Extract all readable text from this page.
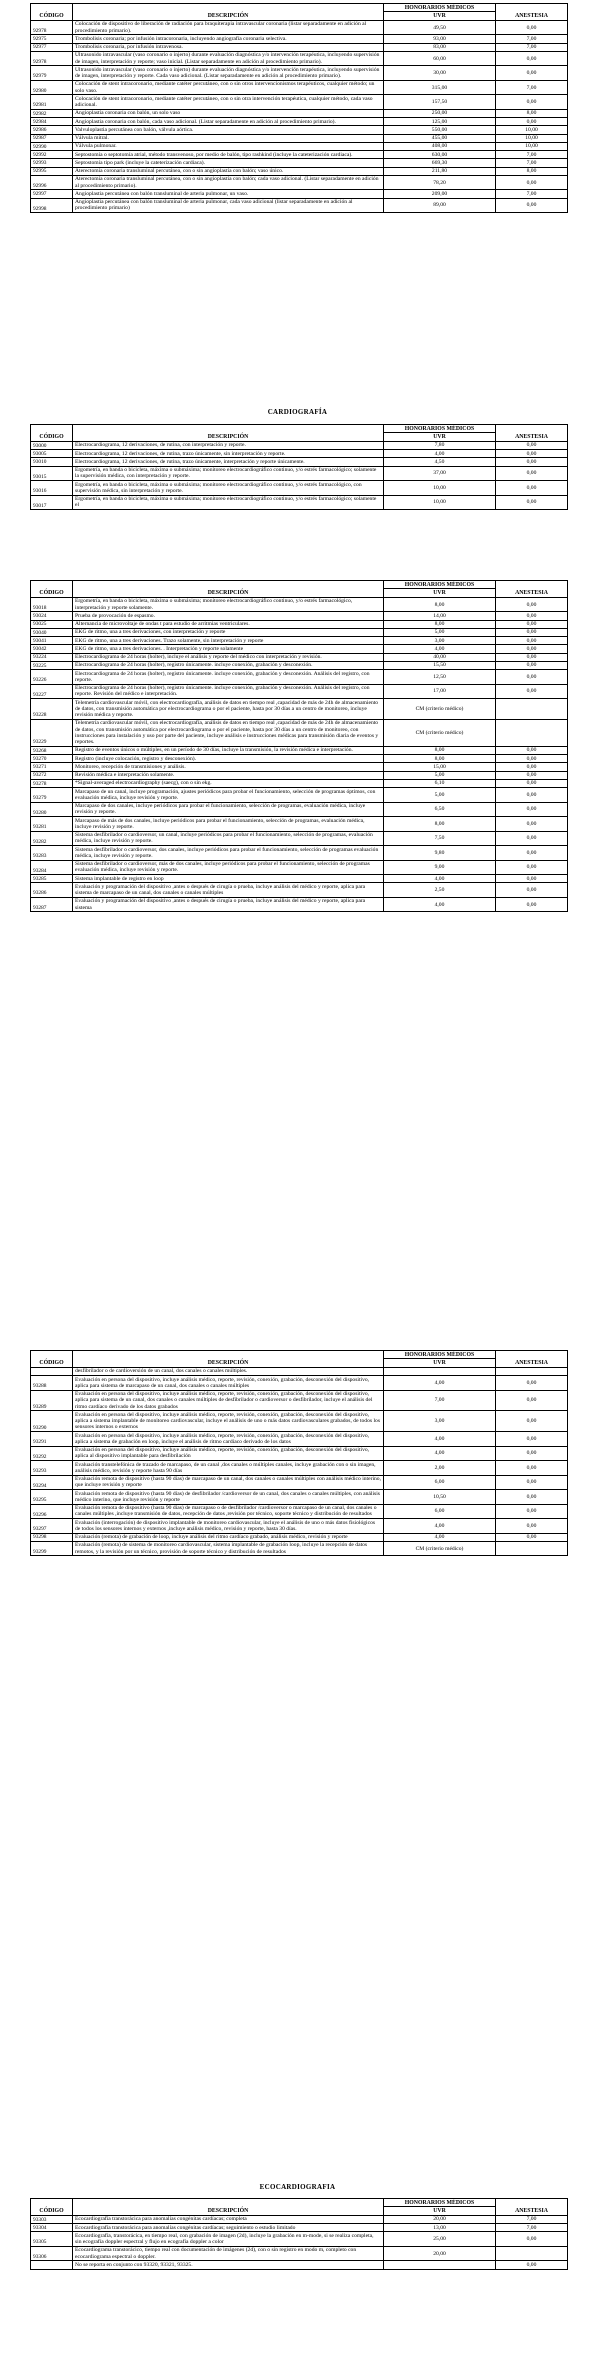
CÓDIGO	DESCRIPCIÓN	HONORARIOS MÉDICOS	ANESTESIA
		UVR	
92978	Colocación de dispositivo de liberación de radiación para braquiterapia intravascular coronaria (listar separadamente en adición al procedimiento primario).	49,50	0,00
92975	Trombolisis coronaria; por infusión intracoronaria, incluyendo angiografía coronaria selectiva.	93,00	7,00
92977	Trombolisis coronaria, por infusión intravenosa.	83,00	7,00
92978	Ultrasonido intravascular (vaso coronario o injerto) durante evaluación diagnóstica y/o intervención terapéutica, incluyendo supervisión de imagen, interpretación y reporte; vaso inicial. (Listar separadamente en adición al procedimiento primario).	60,00	0,00
92979	Ultrasonido intravascular (vaso coronario o injerto) durante evaluación diagnóstica y/o intervención terapéutica, incluyendo supervisión de imagen, interpretación y reporte. Cada vaso adicional. (Listar separadamente en adición al procedimiento primario).	30,00	0,00
92980	Colocación de stent intracoronario, mediante catéter percutáneo, con o sin otros intervencionismos terapéuticos, cualquier método; un solo vaso.	315,00	7,00
92981	Colocación de stent intracoronario, mediante catéter percutáneo, con o sin otra intervención terapéutica, cualquier método, cada vaso adicional.	157,50	0,00
92982	Angioplastia coronaria con balón, un solo vaso	250,00	8,00
92984	Angioplastia coronaria con balón, cada vaso adicional. (Listar separadamente en adición al procedimiento primario).	125,00	0,00
92986	Valvuloplastia percutánea con balón, válvula aórtica.	550,00	10,00
92987	Válvula mitral.	455,00	10,00
92990	Válvula pulmonar.	408,00	10,00
92992	Septostomía o septotomía atrial, método transvenoso, por medio de balón, tipo rashkind (incluye la cateterización cardiaca).	630,00	7,00
92993	Septostomía tipo park (incluye la cateterización cardiaca).	669,30	7,00
92995	Aterectomía coronaria transluminal percutánea, con o sin angioplastía con balón; vaso único.	211,80	8,00
92996	Aterectomía coronaria transluminal percutánea, con o sin angioplastía con balón; cada vaso adicional. (Listar separadamente en adición al procedimiento primario).	78,20	0,00
92997	Angioplastia percutánea con balón transluminal de arteria pulmonar, un vaso.	209,00	7,00
92998	Angioplastia percutánea con balón transluminal de arteria pulmonar, cada vaso adicional (listar separadamente en adición al procedimiento primario)	89,00	0,00
CARDIOGRAFÍA
CÓDIGO	DESCRIPCIÓN	HONORARIOS MÉDICOS	ANESTESIA
		UVR	
93000	Electrocardiograma, 12 derivaciones, de rutina, con interpretación y reporte.	7,80	0,00
93005	Electrocardiograma, 12 derivaciones, de rutina, trazo únicamente, sin interpretación y reporte.	4,00	0,00
93010	Electrocardiograma, 12 derivaciones, de rutina, trazo únicamente, interpretación y reporte únicamente.	4,50	0,00
93015	Ergometría, en banda o bicicleta, máxima o submáxima; monitoreo electrocardiográfico continuo, y/o estrés farmacológico; solamente la supervisión médica, con interpretación y reporte.	37,00	0,00
93016	Ergometría, en banda o bicicleta, máxima o submáxima; monitoreo electrocardiográfico continuo, y/o estrés farmacológico, con supervisión médica, sin interpretación y reporte.	10,00	0,00
93017	Ergometría, en banda o bicicleta, máxima o submáxima; monitoreo electrocardiográfico continuo, y/o estrés farmacológico; solamente el	10,00	0,00
CÓDIGO	DESCRIPCIÓN	HONORARIOS MÉDICOS	ANESTESIA
		UVR	
93018	Ergometría, en banda o bicicleta, máxima o submáxima; monitoreo electrocardiográfico continuo, y/o estrés farmacológico, interpretación y reporte solamente.	8,00	0,00
93024	Prueba de provocación de espasmo.	14,00	0,00
93025	Alternancia de microvoltaje de ondas t para estudio de arritmias ventriculares.	8,00	0,00
93040	EKG de ritmo, una a tres derivaciones, con interpretación y reporte	5,00	0,00
93041	EKG de ritmo, una a tres derivaciones. Trazo solamente, sin interpretación y reporte	3,00	0,00
93042	EKG de ritmo, una a tres derivaciones. . Interpretación y reporte solamente	4,00	0,00
93224	Electrocardiograma de 24 horas (holter), incluye el análisis y reporte del médico con interpretación y revisión.	40,00	0,00
93225	Electrocardiograma de 24 horas (holter), registro únicamente. incluye conexión, grabación y desconexión.	15,50	0,00
93226	Electrocardiograma de 24 horas (holter), registro únicamente. incluye conexión, grabación y desconexión. Análisis del registro, con reporte.	12,50	0,00
93227	Electrocardiograma de 24 horas (holter), registro únicamente. incluye conexión, grabación y desconexión. Análisis del registro, con reporte. Revisión del médico e interpretación.	17,00	0,00
93228	Telemetría cardiovascular móvil, con electrocardiografía, análisis de datos en tiempo real ,capacidad de más de 24h de almacenamiento de datos, con transmisión automática por electrocardiograma o por el paciente, hasta por 30 días a un centro de monitoreo, incluye revisión médica y reporte.	CM (criterio médico)	
93229	Telemetría cardiovascular móvil, con electrocardiografía, análisis de datos en tiempo real ,capacidad de más de 24h de almacenamiento de datos, con transmisión automática por electrocardiograma o por el paciente, hasta por 30 días a un centro de monitoreo, con instrucciones para instalación y uso por parte del paciente, incluye análisis e instrucciones médicas para transmisión diaria de eventos y reportes.	CM (criterio médico)	
93268	Registro de eventos únicos o múltiples, en un período de 30 días, incluye la transmisión, la revisión médica e interpretación.	8,00	0,00
93270	Registro (incluye colocación, registro y desconexión).	8,00	0,00
93271	Monitoreo, recepción de transmisiones y análisis.	15,00	0,00
93272	Revisión médica e interpretación solamente.	5,00	0,00
93278	*Signal-averaged electrocardiography (saecg), con o sin ekg.	6,10	0,00
93279	Marcapaso de un canal, incluye programación, ajustes periódicos para probar el funcionamiento, selección de programas óptimos, con evaluación médica, incluye revisión y reporte.	5,00	0,00
93280	Marcapaso de dos canales, incluye periódicos para probar el funcionamiento, selección de programas, evaluación médica, incluye revisión y reporte.	6,50	0,00
93281	Marcapaso de más de dos canales, incluye periódicos para probar el funcionamiento, selección de programas, evaluación médica, incluye revisión y reporte.	8,00	0,00
93282	Sistema desfibrilador o cardioversor, un canal, incluye periódicos para probar el funcionamiento, selección de programas, evaluación médica, incluye revisión y reporte.	7,50	0,00
93283	Sistema desfibrilador o cardioversor, dos canales, incluye periódicos para probar el funcionamiento, selección de programas evaluación médica, incluye revisión y reporte.	9,80	0,00
93284	Sistema desfibrilador o cardioversor, más de dos canales, incluye periódicos para probar el funcionamiento, selección de programas evaluación médica, incluye revisión y reporte.	9,00	0,00
93285	Sistema implantable de registro en loop	4,00	0,00
93286	Evaluación y programación del dispositivo ,antes o después de cirugía o prueba, incluye análisis del médico y reporte, aplica para sistema de marcapaso de un canal, dos canales o canales múltiples	2,50	0,00
93287	Evaluación y programación del dispositivo ,antes o después de cirugía o prueba, incluye análisis del médico y reporte, aplica para sistema	4,00	0,00
CÓDIGO	DESCRIPCIÓN	HONORARIOS MÉDICOS	ANESTESIA
		UVR	
	desfibrilador o de cardioversión de un canal, dos canales o canales múltiples.		
93288	Evaluación en persona del dispositivo, incluye análisis médico, reporte, revisión, conexión, grabación, desconexión del dispositivo, aplica para sistema de marcapaso de un canal, dos canales o canales múltiples	4,00	0,00
93289	Evaluación en persona del dispositivo, incluye análisis médico, reporte, revisión, conexión, grabación, desconexión del dispositivo, aplica para sistema de un canal, dos canales o canales múltiples de desfibrilador o cardioversor o desfibrilador, incluye el análisis del ritmo cardíaco derivado de los datos grabados	7,00	0,00
93290	Evaluación en persona del dispositivo, incluye análisis médico, reporte, revisión, conexión, grabación, desconexión del dispositivo, aplica a sistema implantable de monitoreo cardiovascular, incluye el análisis de uno o más datos cardiovasculares grabados, de todos los sensores internos o externos	3,00	0,00
93291	Evaluación en persona del dispositivo, incluye análisis médico, reporte, revisión, conexión, grabación, desconexión del dispositivo, aplica a sistema de grabación en loop, incluye el análisis de ritmo cardíaco derivado de los datos	4,00	0,00
93292	Evaluación en persona del dispositivo, incluye análisis médico, reporte, revisión, conexión, grabación, desconexión del dispositivo, aplica al dispositivo implantable para desfibrilación	4,00	0,00
93293	Evaluación transtelefónica de trazado de marcapaso, de un canal ,dos canales o múltiples canales, incluye grabación con o sin imagen, análisis médico, revisión y reporte hasta 90 días	2,00	0,00
93294	Evaluación remota de dispositivo (hasta 90 días) de marcapaso de un canal, dos canales o canales múltiples con análisis médico interino, que incluye revisión y reporte	6,00	0,00
93295	Evaluación remota de dispositivo (hasta 90 días) de desfibrilador /cardioversor de un canal, dos canales o canales múltiples, con análisis médico interino, que incluye revisión y reporte	10,50	0,00
93296	Evaluación remota de dispositivo (hasta 90 días) de marcapaso o de desfibrilador /cardioversor o marcapaso de un canal, dos canales o canales múltiples ,incluye transmisión de datos, recepción de datos ,revisión por técnico, soporte técnico y distribución de resultados	6,00	0,00
93297	Evaluación (interrogación) de dispositivo implantable de monitoreo cardiovascular, incluye el análisis de uno o más datos fisiológicos de todos los sensores internos y externos ,incluye análisis médico, revisión y reporte, hasta 30 días.	4,00	0,00
93298	Evaluación (remota) de grabación de loop, incluye análisis del ritmo cardíaco grabado, análisis médico, revisión y reporte	4,00	0,00
93299	Evaluación (remota) de sistema de monitoreo cardiovascular, sistema implantable de grabación loop, incluye la recepción de datos remotos, y la revisión por un técnico, provisión de soporte técnico y distribución de resultados	CM (criterio médico)	
ECOCARDIOGRAFIA
CÓDIGO	DESCRIPCIÓN	HONORARIOS MÉDICOS	ANESTESIA
		UVR	
93303	Ecocardiografía transtorácica para anomalías congénitas cardíacas; completa	20,00	7,00
93304	Ecocardiografía transtorácica para anomalías congénitas cardíacas; seguimiento o estudio limitado	13,00	7,00
93305	Ecocardiografía, transtorácica, en tiempo real, con grabación de imagen (2d), incluye la grabación en m-mode, si se realiza completa, sin ecografía doppler espectral y flujo en ecografía doppler a color	25,00	0,00
93306	Ecocardiograma transtorácico, tiempo real con documentación de imágenes (2d), con o sin registro en modo m, completo con ecocardiograma espectral o doppler.	20,00	
	No se reporta en conjunto con 93320, 93321, 93325.		0,00
